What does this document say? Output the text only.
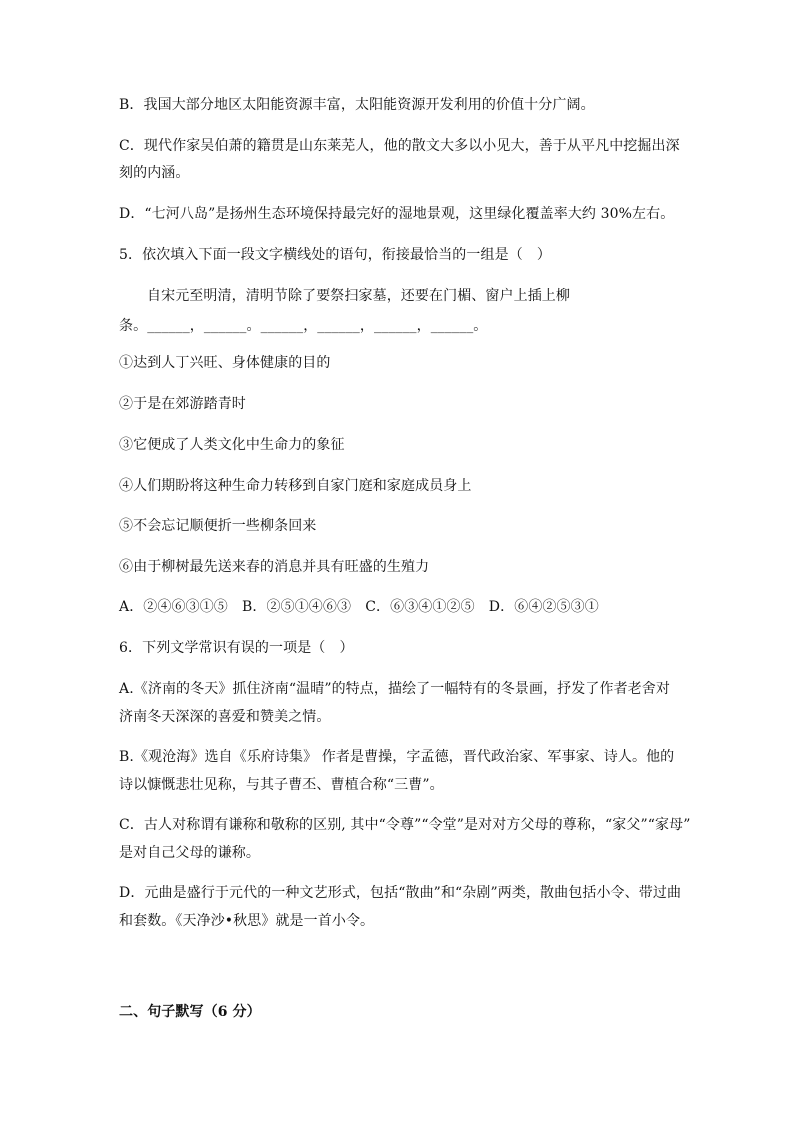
B．我国大部分地区太阳能资源丰富，太阳能资源开发利用的价值十分广阔。
C．现代作家吴伯萧的籍贯是山东莱芜人，他的散文大多以小见大，善于从平凡中挖掘出深
刻的内涵。
D．“七河八岛”是扬州生态环境保持最完好的湿地景观，这里绿化覆盖率大约 30%左右。
5．依次填入下面一段文字横线处的语句，衔接最恰当的一组是（　）
自宋元至明清，清明节除了要祭扫家墓，还要在门楣、窗户上插上柳
条。______，______。______，______，______，______。
①达到人丁兴旺、身体健康的目的
②于是在郊游踏青时
③它便成了人类文化中生命力的象征
④人们期盼将这种生命力转移到自家门庭和家庭成员身上
⑤不会忘记顺便折一些柳条回来
⑥由于柳树最先送来春的消息并具有旺盛的生殖力
A．②④⑥③①⑤　B．②⑤①④⑥③　C．⑥③④①②⑤　D．⑥④②⑤③①
6．下列文学常识有误的一项是（　）
A.《济南的冬天》抓住济南“温晴”的特点，描绘了一幅特有的冬景画，抒发了作者老舍对
济南冬天深深的喜爱和赞美之情。
B.《观沧海》选自《乐府诗集》 作者是曹操，字孟德，晋代政治家、军事家、诗人。他的
诗以慷慨悲壮见称，与其子曹丕、曹植合称“三曹”。
C．古人对称谓有谦称和敬称的区别, 其中“令尊”“令堂”是对对方父母的尊称，“家父”“家母”
是对自己父母的谦称。
D．元曲是盛行于元代的一种文艺形式，包括“散曲”和“杂剧”两类，散曲包括小令、带过曲
和套数。《天净沙•秋思》就是一首小令。
二、句子默写（6 分）
